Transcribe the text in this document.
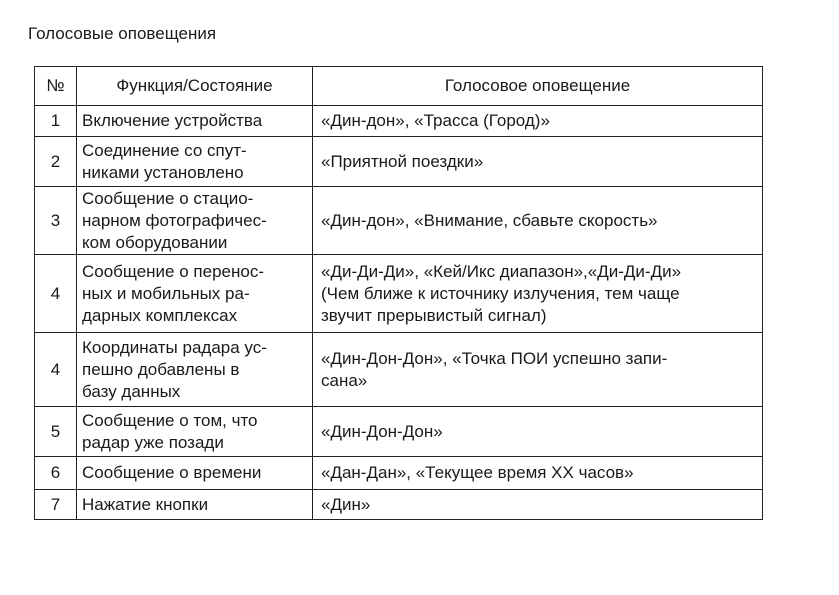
Голосовые оповещения
№	Функция/Состояние	Голосовое оповещение
1	Включение устройства	«Дин-дон», «Трасса (Город)»

2	Соединение со спут-
никами установлено	«Приятной поездки»

3	Сообщение о стацио-
нарном фотографичес-
ком оборудовании	«Дин-дон», «Внимание, сбавьте скорость»

4	Сообщение о перенос-
ных и мобильных ра-
дарных комплексах	«Ди-Ди-Ди», «Кей/Икс диапазон»,«Ди-Ди-Ди»
(Чем ближе к источнику излучения, тем чаще
звучит прерывистый сигнал)

4	Координаты радара ус-
пешно добавлены в
базу данных	«Дин-Дон-Дон», «Точка ПОИ успешно запи-
сана»

5	Сообщение о том, что
радар уже позади	«Дин-Дон-Дон»

6	Сообщение о времени	«Дан-Дан», «Текущее время XX часов»

7	Нажатие кнопки	«Дин»
